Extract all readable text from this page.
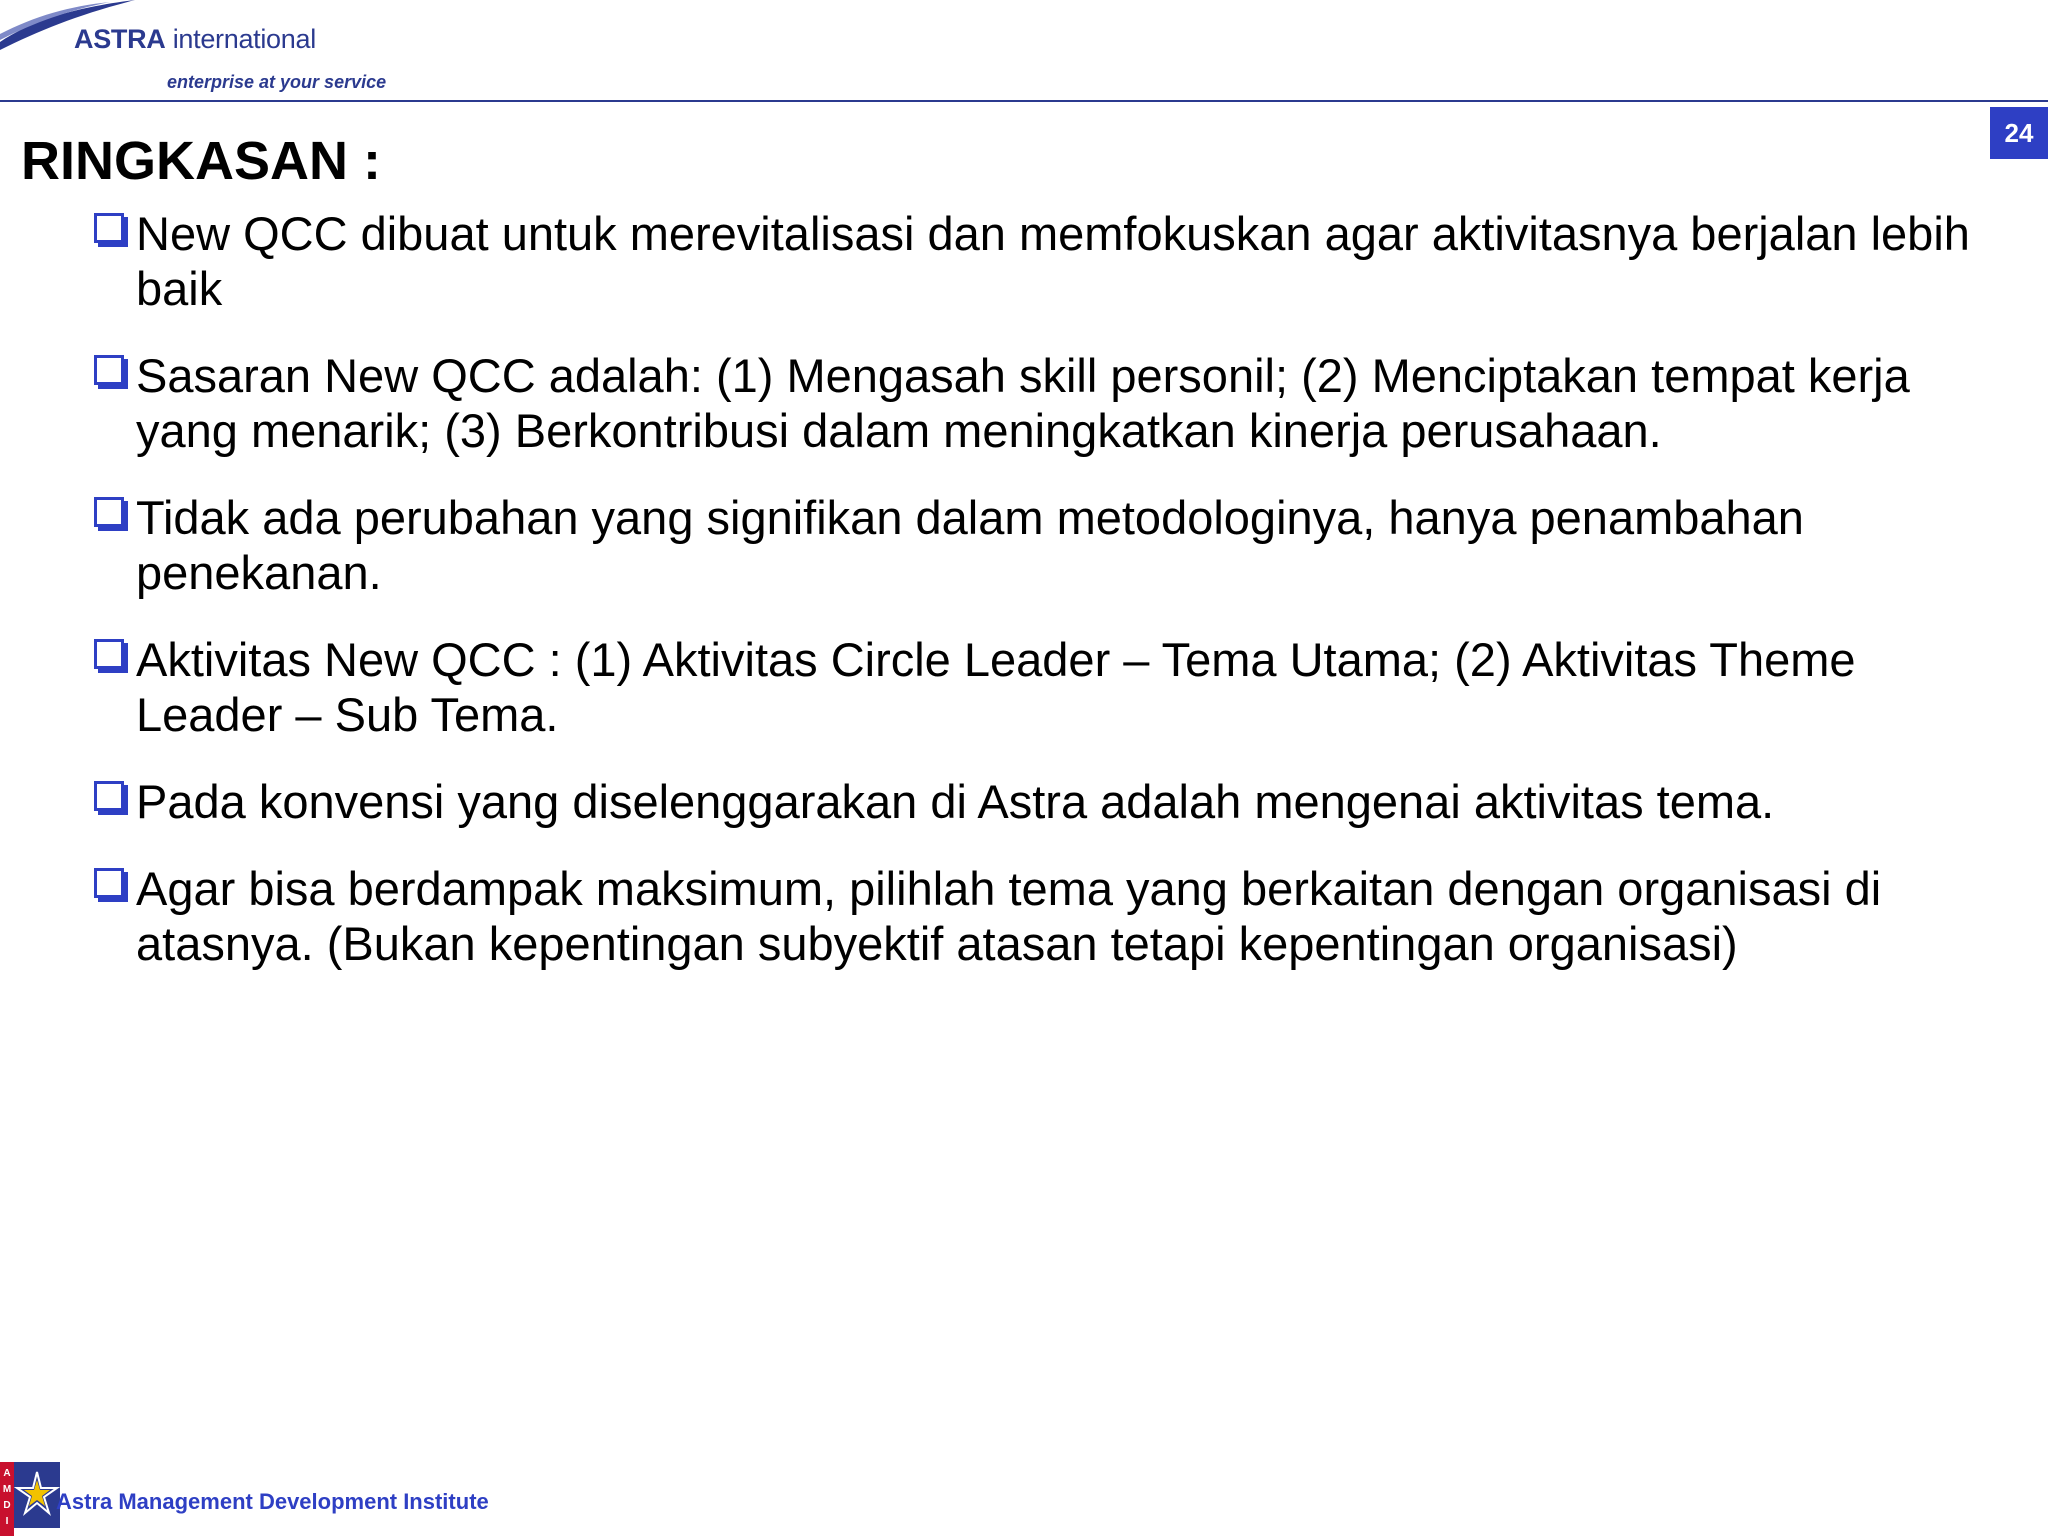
ASTRA international
enterprise at your service
24
RINGKASAN :
New QCC dibuat untuk merevitalisasi dan memfokuskan agar aktivitasnya berjalan lebih baik
Sasaran New QCC adalah: (1) Mengasah skill personil; (2) Menciptakan tempat kerja yang menarik; (3) Berkontribusi dalam meningkatkan kinerja perusahaan.
Tidak ada perubahan yang signifikan dalam metodologinya, hanya penambahan penekanan.
Aktivitas New QCC : (1) Aktivitas Circle Leader – Tema Utama; (2) Aktivitas Theme Leader – Sub Tema.
Pada konvensi yang diselenggarakan di Astra adalah mengenai aktivitas tema.
Agar bisa berdampak maksimum, pilihlah tema yang berkaitan dengan organisasi di atasnya. (Bukan kepentingan subyektif atasan tetapi kepentingan organisasi)
A
M
D
I
Astra Management Development Institute
